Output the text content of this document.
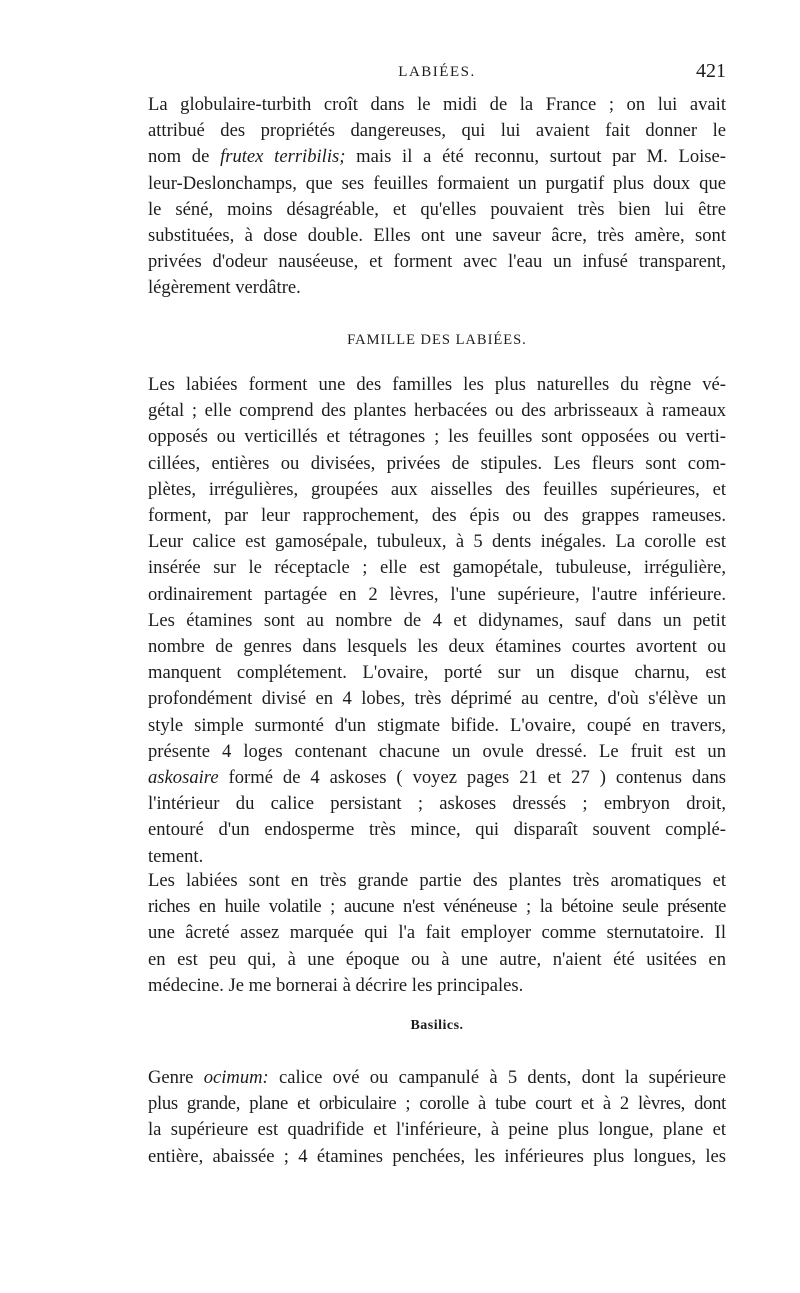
LABIÉES.	421

La globulaire-turbith croît dans le midi de la France ; on lui avait

attribué des propriétés dangereuses, qui lui avaient fait donner le

nom de frutex terribilis; mais il a été reconnu, surtout par M. Loise-

leur-Deslonchamps, que ses feuilles formaient un purgatif plus doux que

le séné, moins désagréable, et qu'elles pouvaient très bien lui être

substituées, à dose double. Elles ont une saveur âcre, très amère, sont

privées d'odeur nauséeuse, et forment avec l'eau un infusé transparent,

légèrement verdâtre.

FAMILLE DES LABIÉES.

Les labiées forment une des familles les plus naturelles du règne vé-

gétal ; elle comprend des plantes herbacées ou des arbrisseaux à rameaux

opposés ou verticillés et tétragones ; les feuilles sont opposées ou verti-

cillées, entières ou divisées, privées de stipules. Les fleurs sont com-

plètes, irrégulières, groupées aux aisselles des feuilles supérieures, et

forment, par leur rapprochement, des épis ou des grappes rameuses.

Leur calice est gamosépale, tubuleux, à 5 dents inégales. La corolle est

insérée sur le réceptacle ; elle est gamopétale, tubuleuse, irrégulière,

ordinairement partagée en 2 lèvres, l'une supérieure, l'autre inférieure.

Les étamines sont au nombre de 4 et didynames, sauf dans un petit

nombre de genres dans lesquels les deux étamines courtes avortent ou

manquent complétement. L'ovaire, porté sur un disque charnu, est

profondément divisé en 4 lobes, très déprimé au centre, d'où s'élève un

style simple surmonté d'un stigmate bifide. L'ovaire, coupé en travers,

présente 4 loges contenant chacune un ovule dressé. Le fruit est un

askosaire formé de 4 askoses ( voyez pages 21 et 27 ) contenus dans

l'intérieur du calice persistant ; askoses dressés ; embryon droit,

entouré d'un endosperme très mince, qui disparaît souvent complé-

tement.

Les labiées sont en très grande partie des plantes très aromatiques et

riches en huile volatile ; aucune n'est vénéneuse ; la bétoine seule présente

une âcreté assez marquée qui l'a fait employer comme sternutatoire. Il

en est peu qui, à une époque ou à une autre, n'aient été usitées en

médecine. Je me bornerai à décrire les principales.

Basilics.

Genre ocimum: calice ové ou campanulé à 5 dents, dont la supérieure

plus grande, plane et orbiculaire ; corolle à tube court et à 2 lèvres, dont

la supérieure est quadrifide et l'inférieure, à peine plus longue, plane et

entière, abaissée ; 4 étamines penchées, les inférieures plus longues, les
